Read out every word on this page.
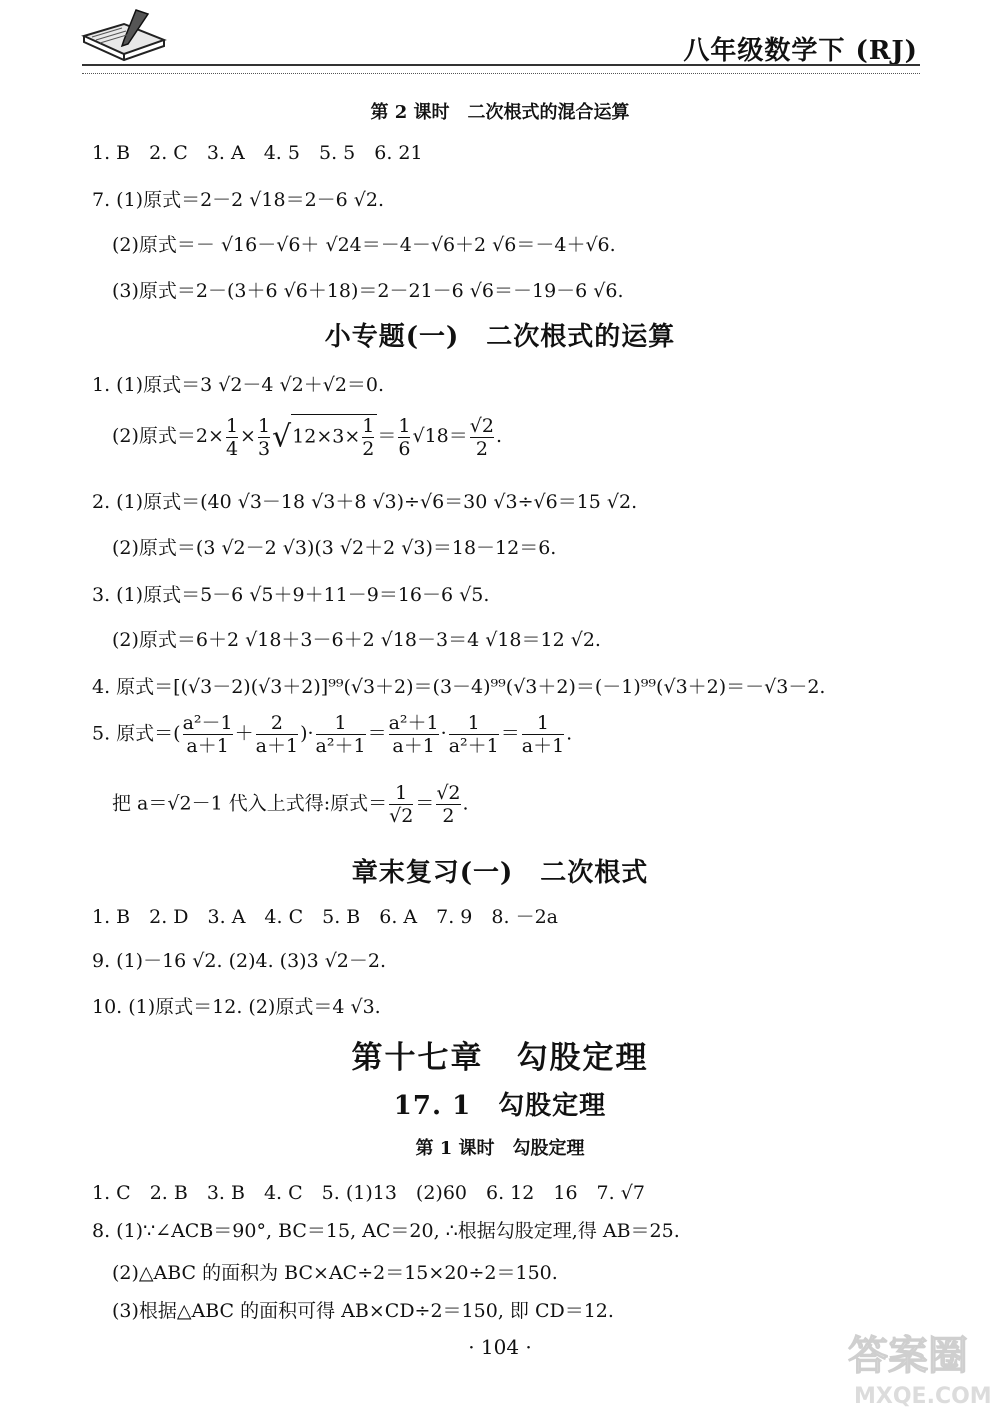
八年级数学下 (RJ)
第 2 课时　二次根式的混合运算
1. B　2. C　3. A　4. 5　5. 5　6. 21
7. (1)原式＝2－2 √18＝2－6 √2.
(2)原式＝－ √16－√6＋ √24＝－4－√6＋2 √6＝－4＋√6.
(3)原式＝2－(3＋6 √6＋18)＝2－21－6 √6＝－19－6 √6.
小专题(一)　二次根式的运算
1. (1)原式＝3 √2－4 √2＋√2＝0.
(2)原式$=2\times \frac{1}{4} \times \frac{1}{3} √12\times 3\times \frac{1}{2} = \frac{1}{6} √18= \frac{√2}{2}$ .
2. (1)原式＝(40 √3－18 √3＋8 √3)÷√6＝30 √3÷√6＝15 √2.
(2)原式＝(3 √2－2 √3)(3 √2＋2 √3)＝18－12＝6.
3. (1)原式＝5－6 √5＋9＋11－9＝16－6 √5.
(2)原式＝6＋2 √18＋3－6＋2 √18－3＝4 √18＝12 √2.
4. 原式＝[(√3－2)(√3＋2)]⁹⁹(√3＋2)＝(3－4)⁹⁹(√3＋2)＝(－1)⁹⁹(√3＋2)＝－√3－2.
5. 原式＝( $\frac{\text{a²－1}}{a+1} + \frac{2}{a+1}$ )· $\frac{1}{\text{a²＋1}} = \frac{\text{a²＋1}}{a+1} \cdot \frac{1}{\text{a²＋1}} = \frac{1}{a+1}$ .
把 a＝√2－1 代入上式得:原式＝ $\frac{1}{√2} = \frac{√2}{2}$ .
章末复习(一)　二次根式
1. B　2. D　3. A　4. C　5. B　6. A　7. 9　8. －2a
9. (1)－16 √2. (2)4. (3)3 √2－2.
10. (1)原式＝12. (2)原式＝4 √3.
第十七章　勾股定理
17. 1　勾股定理
第 1 课时　勾股定理
1. C　2. B　3. B　4. C　5. (1)13　(2)60　6. 12　16　7. √7
8. (1)∵∠ACB＝90°, BC＝15, AC＝20, ∴根据勾股定理,得 AB＝25.
(2)△ABC 的面积为 BC×AC÷2＝15×20÷2＝150.
(3)根据△ABC 的面积可得 AB×CD÷2＝150, 即 CD＝12.
· 104 ·	答案圈
MXQE.COM
